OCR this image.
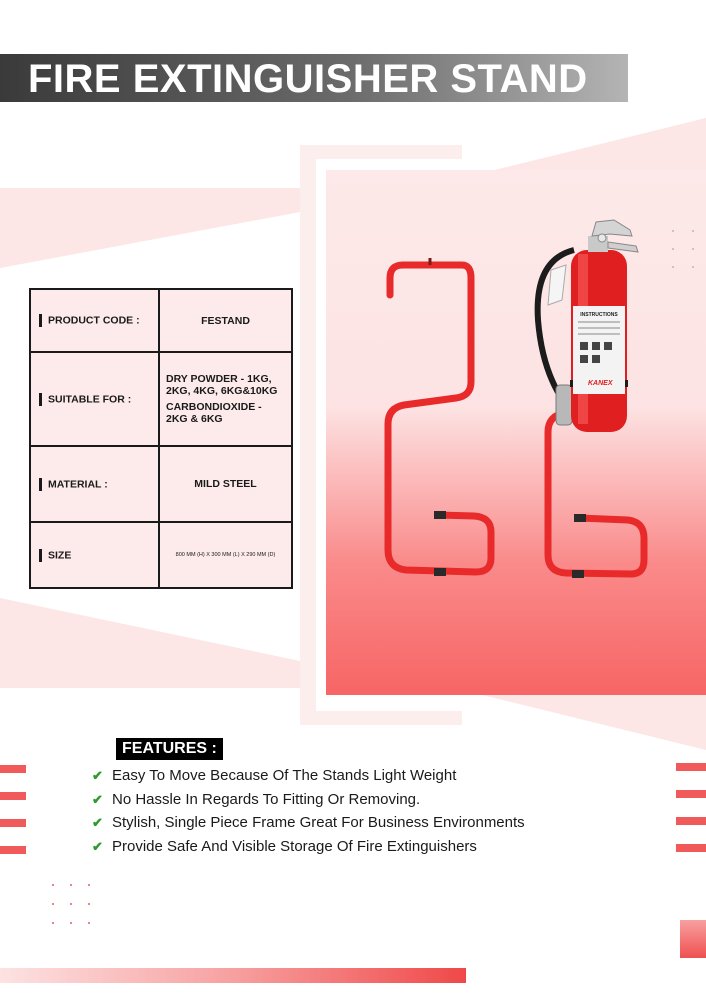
FIRE EXTINGUISHER STAND
PRODUCT CODE :	FESTAND
SUITABLE FOR :	DRY POWDER - 1KG, 2KG, 4KG, 6KG&10KG
CARBONDIOXIDE - 2KG & 6KG

MATERIAL :	MILD STEEL
SIZE	800 MM (H) X 300 MM (L) X 290 MM (D)
INSTRUCTIONS
KANEX
FEATURES :
✔ Easy To Move Because Of The Stands Light Weight
✔ No Hassle In Regards To Fitting Or Removing.
✔ Stylish, Single Piece Frame Great For Business Environments
✔ Provide Safe And Visible Storage Of Fire Extinguishers
